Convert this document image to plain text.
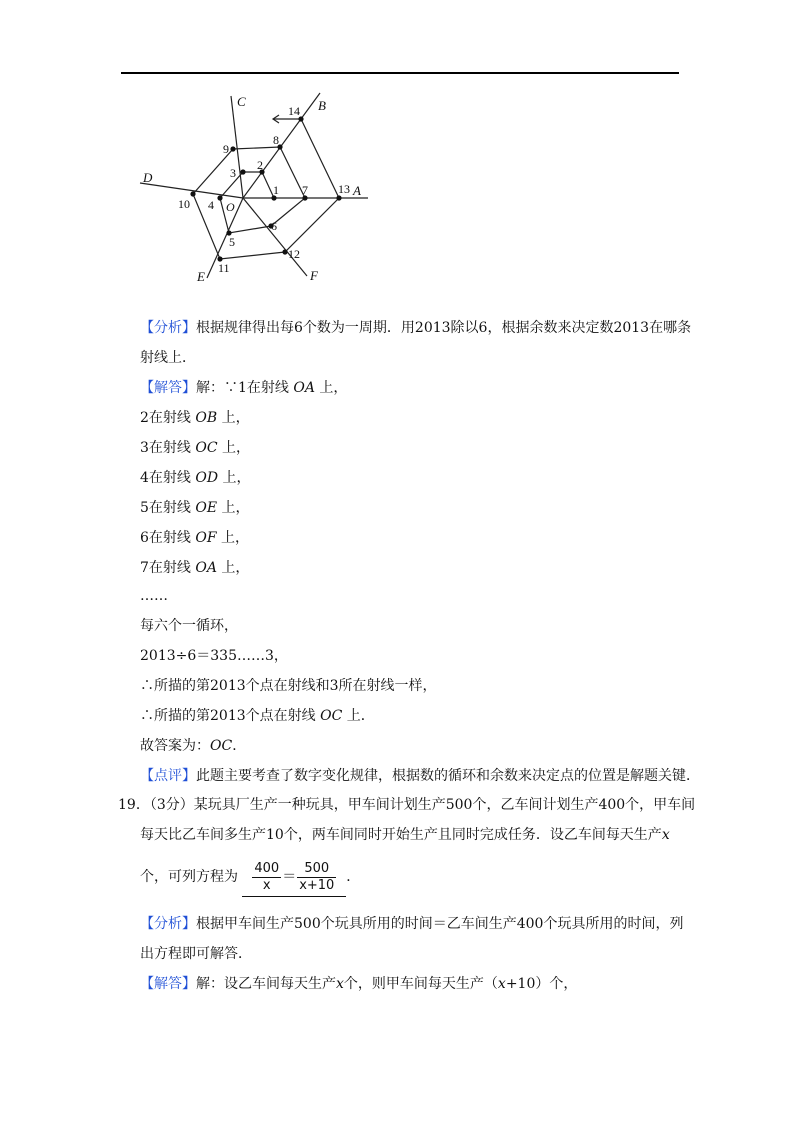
1
2
3
4
5
6
7
8
9
10
11
12
13
14
O
A
B
C
D
E	F
【分析】根据规律得出每6个数为一周期．用2013除以6，根据余数来决定数2013在哪条
射线上．
【解答】解：∵1在射线 OA 上，
2在射线 OB 上，
3在射线 OC 上，
4在射线 OD 上，
5在射线 OE 上，
6在射线 OF 上，
7在射线 OA 上，
……
每六个一循环，
2013÷6＝335……3，
∴所描的第2013个点在射线和3所在射线一样，
∴所描的第2013个点在射线 OC 上．
故答案为：OC．
【点评】此题主要考查了数字变化规律，根据数的循环和余数来决定点的位置是解题关键．
19．（3分）某玩具厂生产一种玩具，甲车间计划生产500个，乙车间计划生产400个，甲车间
每天比乙车间多生产10个，两车间同时开始生产且同时完成任务．设乙车间每天生产x
个，可列方程为 $\frac{400}{x} = \frac{500}{x+10}$ ．
【分析】根据甲车间生产500个玩具所用的时间＝乙车间生产400个玩具所用的时间，列
出方程即可解答．
【解答】解：设乙车间每天生产x个，则甲车间每天生产（x+10）个，
